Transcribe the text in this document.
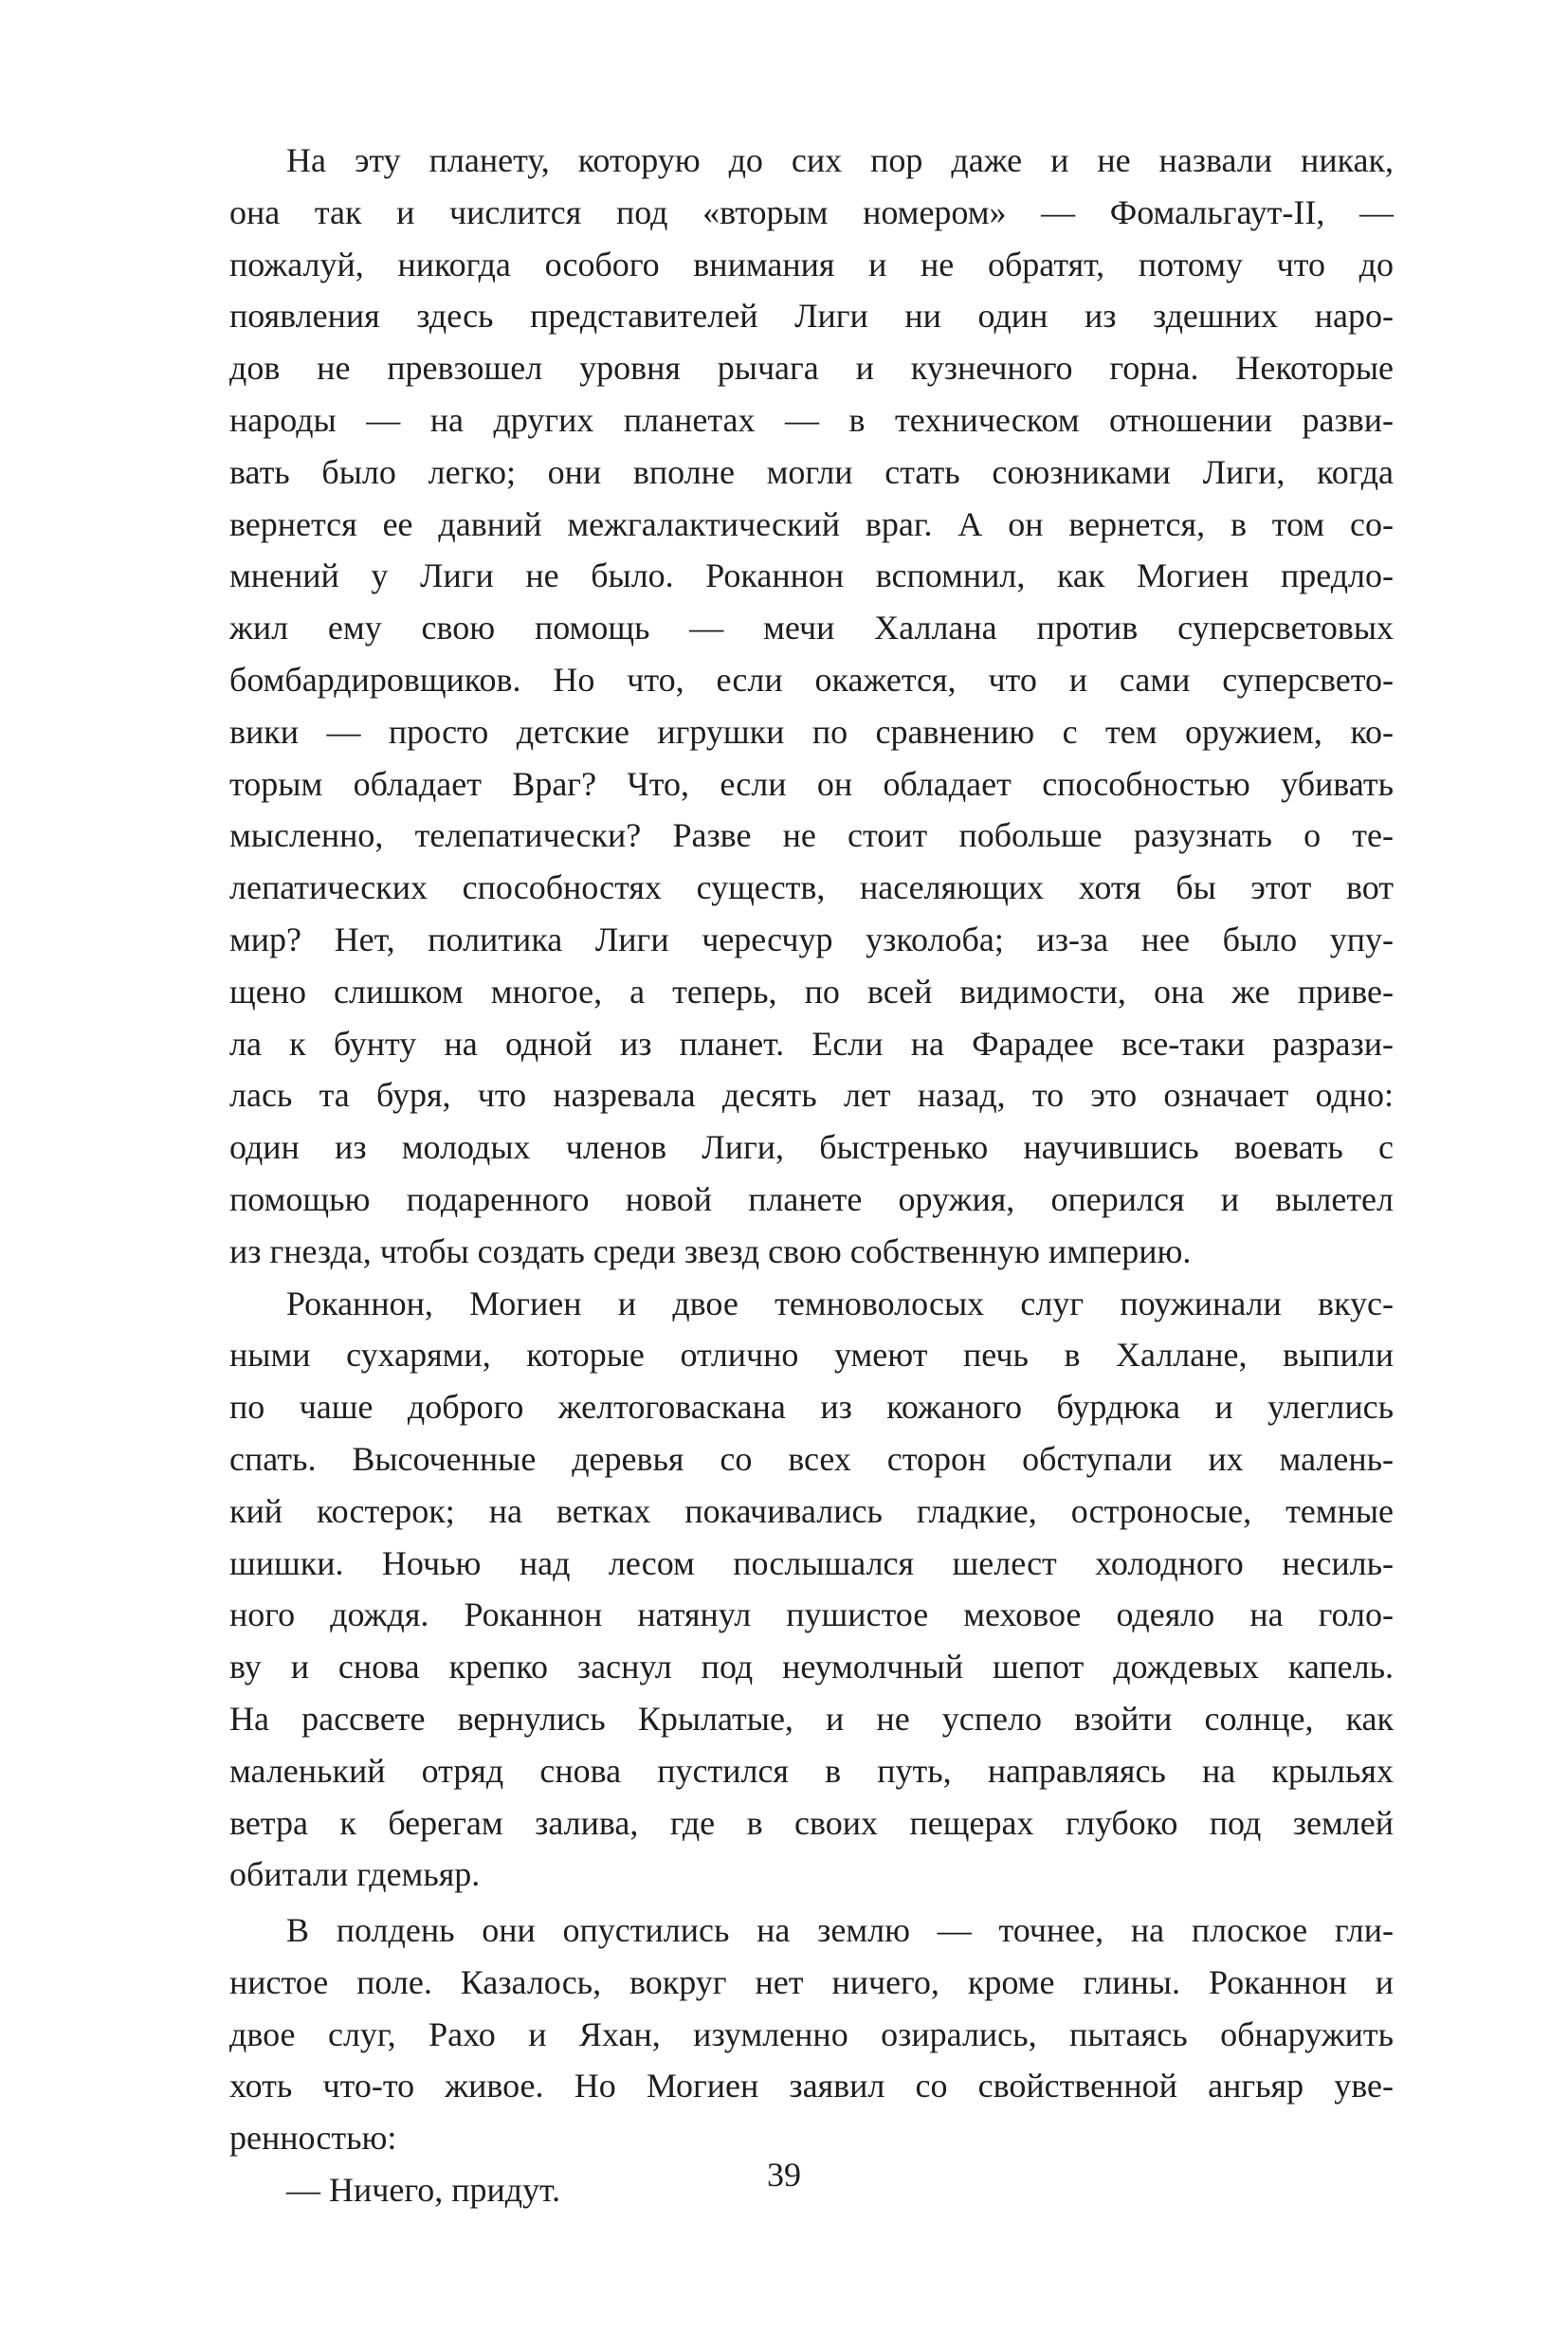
На эту планету, которую до сих пор даже и не назвали никак,
она так и числится под «вторым номером» — Фомальгаут-II, —
пожалуй, никогда особого внимания и не обратят, потому что до
появления здесь представителей Лиги ни один из здешних наро-
дов не превзошел уровня рычага и кузнечного горна. Некоторые
народы — на других планетах — в техническом отношении разви-
вать было легко; они вполне могли стать союзниками Лиги, когда
вернется ее давний межгалактический враг. А он вернется, в том со-
мнений у Лиги не было. Роканнон вспомнил, как Могиен предло-
жил ему свою помощь — мечи Халлана против суперсветовых
бомбардировщиков. Но что, если окажется, что и сами суперсвето-
вики — просто детские игрушки по сравнению с тем оружием, ко-
торым обладает Враг? Что, если он обладает способностью убивать
мысленно, телепатически? Разве не стоит побольше разузнать о те-
лепатических способностях существ, населяющих хотя бы этот вот
мир? Нет, политика Лиги чересчур узколоба; из-за нее было упу-
щено слишком многое, а теперь, по всей видимости, она же приве-
ла к бунту на одной из планет. Если на Фарадее все-таки разрази-
лась та буря, что назревала десять лет назад, то это означает одно:
один из молодых членов Лиги, быстренько научившись воевать с
помощью подаренного новой планете оружия, оперился и вылетел
из гнезда, чтобы создать среди звезд свою собственную империю.
Роканнон, Могиен и двое темноволосых слуг поужинали вкус-
ными сухарями, которые отлично умеют печь в Халлане, выпили
по чаше доброго желтоговаскана из кожаного бурдюка и улеглись
спать. Высоченные деревья со всех сторон обступали их малень-
кий костерок; на ветках покачивались гладкие, остроносые, темные
шишки. Ночью над лесом послышался шелест холодного несиль-
ного дождя. Роканнон натянул пушистое меховое одеяло на голо-
ву и снова крепко заснул под неумолчный шепот дождевых капель.
На рассвете вернулись Крылатые, и не успело взойти солнце, как
маленький отряд снова пустился в путь, направляясь на крыльях
ветра к берегам залива, где в своих пещерах глубоко под землей
обитали гдемьяр.
В полдень они опустились на землю — точнее, на плоское гли-
нистое поле. Казалось, вокруг нет ничего, кроме глины. Роканнон и
двое слуг, Рахо и Яхан, изумленно озирались, пытаясь обнаружить
хоть что-то живое. Но Могиен заявил со свойственной ангьяр уве-
ренностью:
— Ничего, придут.	39
